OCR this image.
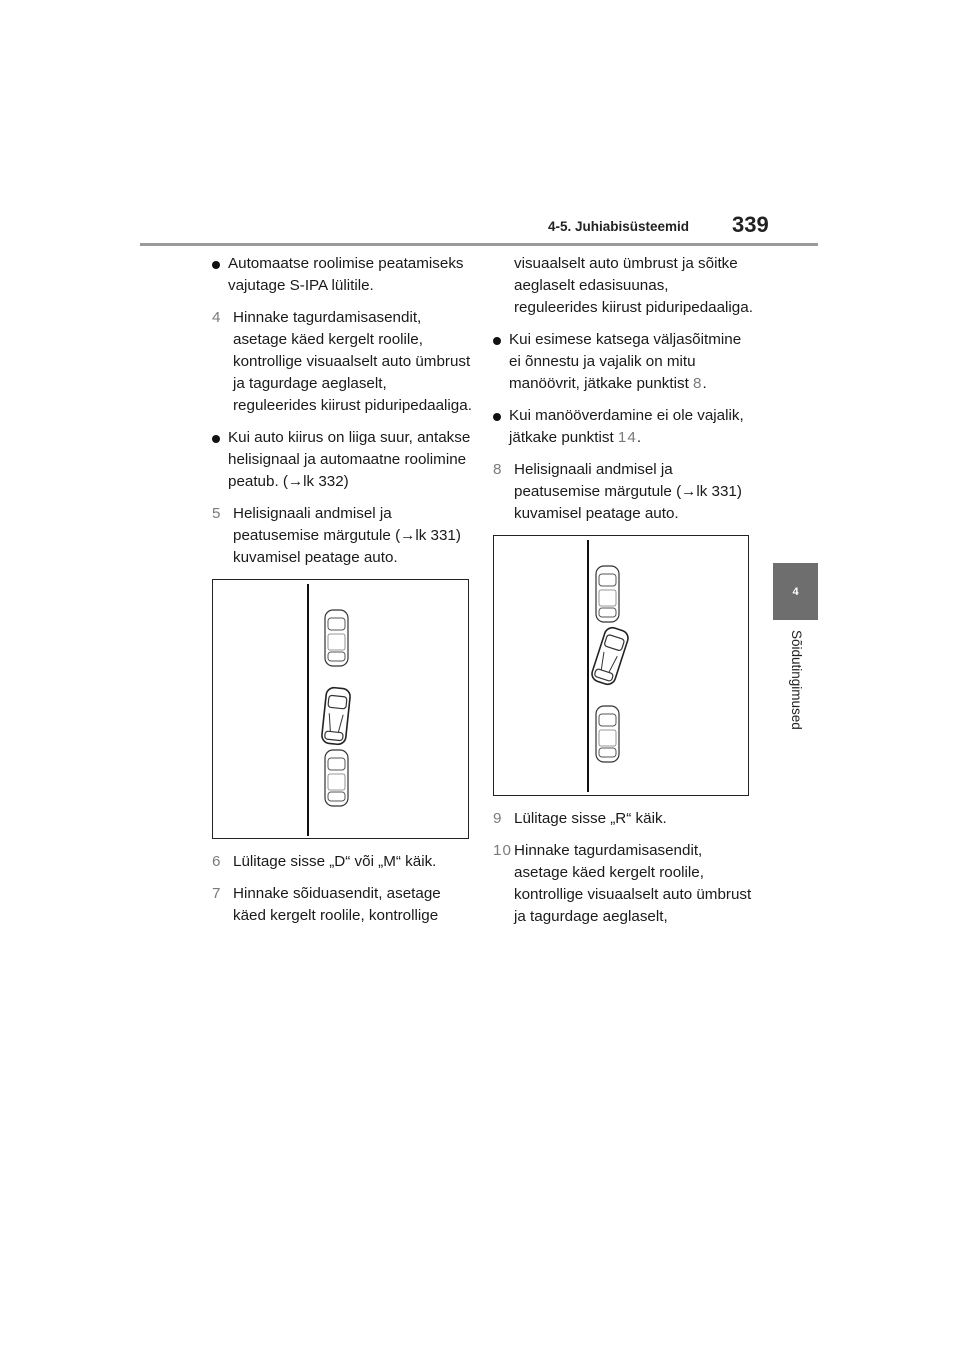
4-5. Juhiabisüsteemid 339
4
Sõidutingimused
Automaatse roolimise peatamiseks vajutage S-IPA lülitile.
4 Hinnake tagurdamisasendit, asetage käed kergelt roolile, kontrollige visuaalselt auto ümbrust ja tagurdage aeglaselt, reguleerides kiirust piduripedaaliga.
Kui auto kiirus on liiga suur, antakse helisignaal ja automaatne roolimine peatub. (→lk 332)
5 Helisignaali andmisel ja peatusemise märgutule (→lk 331) kuvamisel peatage auto.
6 Lülitage sisse „D“ või „M“ käik.
7 Hinnake sõiduasendit, asetage käed kergelt roolile, kontrollige
visuaalselt auto ümbrust ja sõitke aeglaselt edasisuunas, reguleerides kiirust piduripedaaliga.
Kui esimese katsega väljasõitmine ei õnnestu ja vajalik on mitu manöövrit, jätkake punktist 8.
Kui manööverdamine ei ole vajalik, jätkake punktist 14.
8 Helisignaali andmisel ja peatusemise märgutule (→lk 331) kuvamisel peatage auto.
9 Lülitage sisse „R“ käik.
10 Hinnake tagurdamisasendit, asetage käed kergelt roolile, kontrollige visuaalselt auto ümbrust ja tagurdage aeglaselt,
